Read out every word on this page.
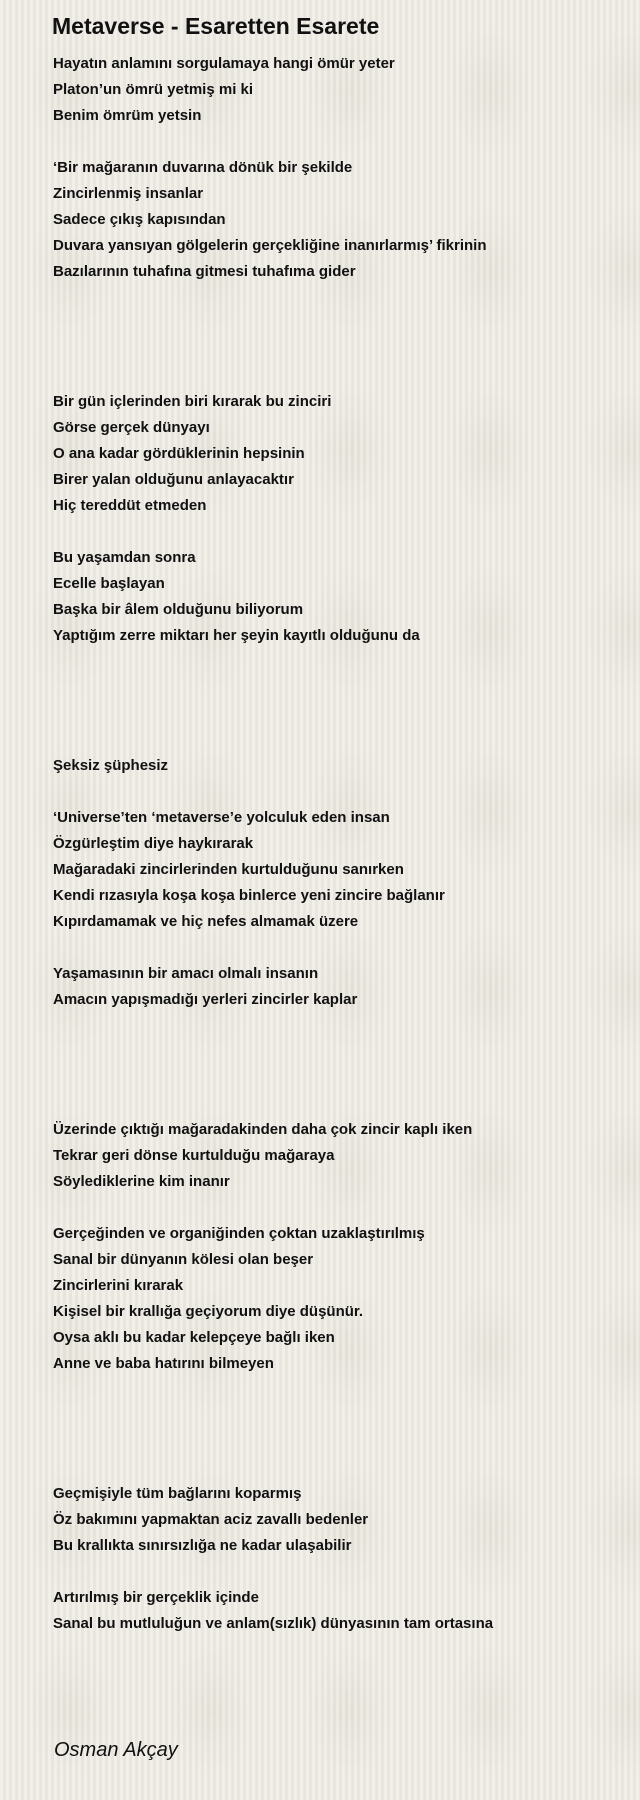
Metaverse - Esaretten Esarete
Hayatın anlamını sorgulamaya hangi ömür yeter
Platon’un ömrü yetmiş mi ki
Benim ömrüm yetsin
‘Bir mağaranın duvarına dönük bir şekilde
Zincirlenmiş insanlar
Sadece çıkış kapısından
Duvara yansıyan gölgelerin gerçekliğine inanırlarmış’ fikrinin
Bazılarının tuhafına gitmesi tuhafıma gider
Bir gün içlerinden biri kırarak bu zinciri
Görse gerçek dünyayı
O ana kadar gördüklerinin hepsinin
Birer yalan olduğunu anlayacaktır
Hiç tereddüt etmeden
Bu yaşamdan sonra
Ecelle başlayan
Başka bir âlem olduğunu biliyorum
Yaptığım zerre miktarı her şeyin kayıtlı olduğunu da
Şeksiz şüphesiz
‘Universe’ten ‘metaverse’e yolculuk eden insan
Özgürleştim diye haykırarak
Mağaradaki zincirlerinden kurtulduğunu sanırken
Kendi rızasıyla koşa koşa binlerce yeni zincire bağlanır
Kıpırdamamak ve hiç nefes almamak üzere
Yaşamasının bir amacı olmalı insanın
Amacın yapışmadığı yerleri zincirler kaplar
Üzerinde çıktığı mağaradakinden daha çok zincir kaplı iken
Tekrar geri dönse kurtulduğu mağaraya
Söylediklerine kim inanır
Gerçeğinden ve organiğinden çoktan uzaklaştırılmış
Sanal bir dünyanın kölesi olan beşer
Zincirlerini kırarak
Kişisel bir krallığa geçiyorum diye düşünür.
Oysa aklı bu kadar kelepçeye bağlı iken
Anne ve baba hatırını bilmeyen
Geçmişiyle tüm bağlarını koparmış
Öz bakımını yapmaktan aciz zavallı bedenler
Bu krallıkta sınırsızlığa ne kadar ulaşabilir
Artırılmış bir gerçeklik içinde
Sanal bu mutluluğun ve anlam(sızlık) dünyasının tam ortasına
Osman Akçay
